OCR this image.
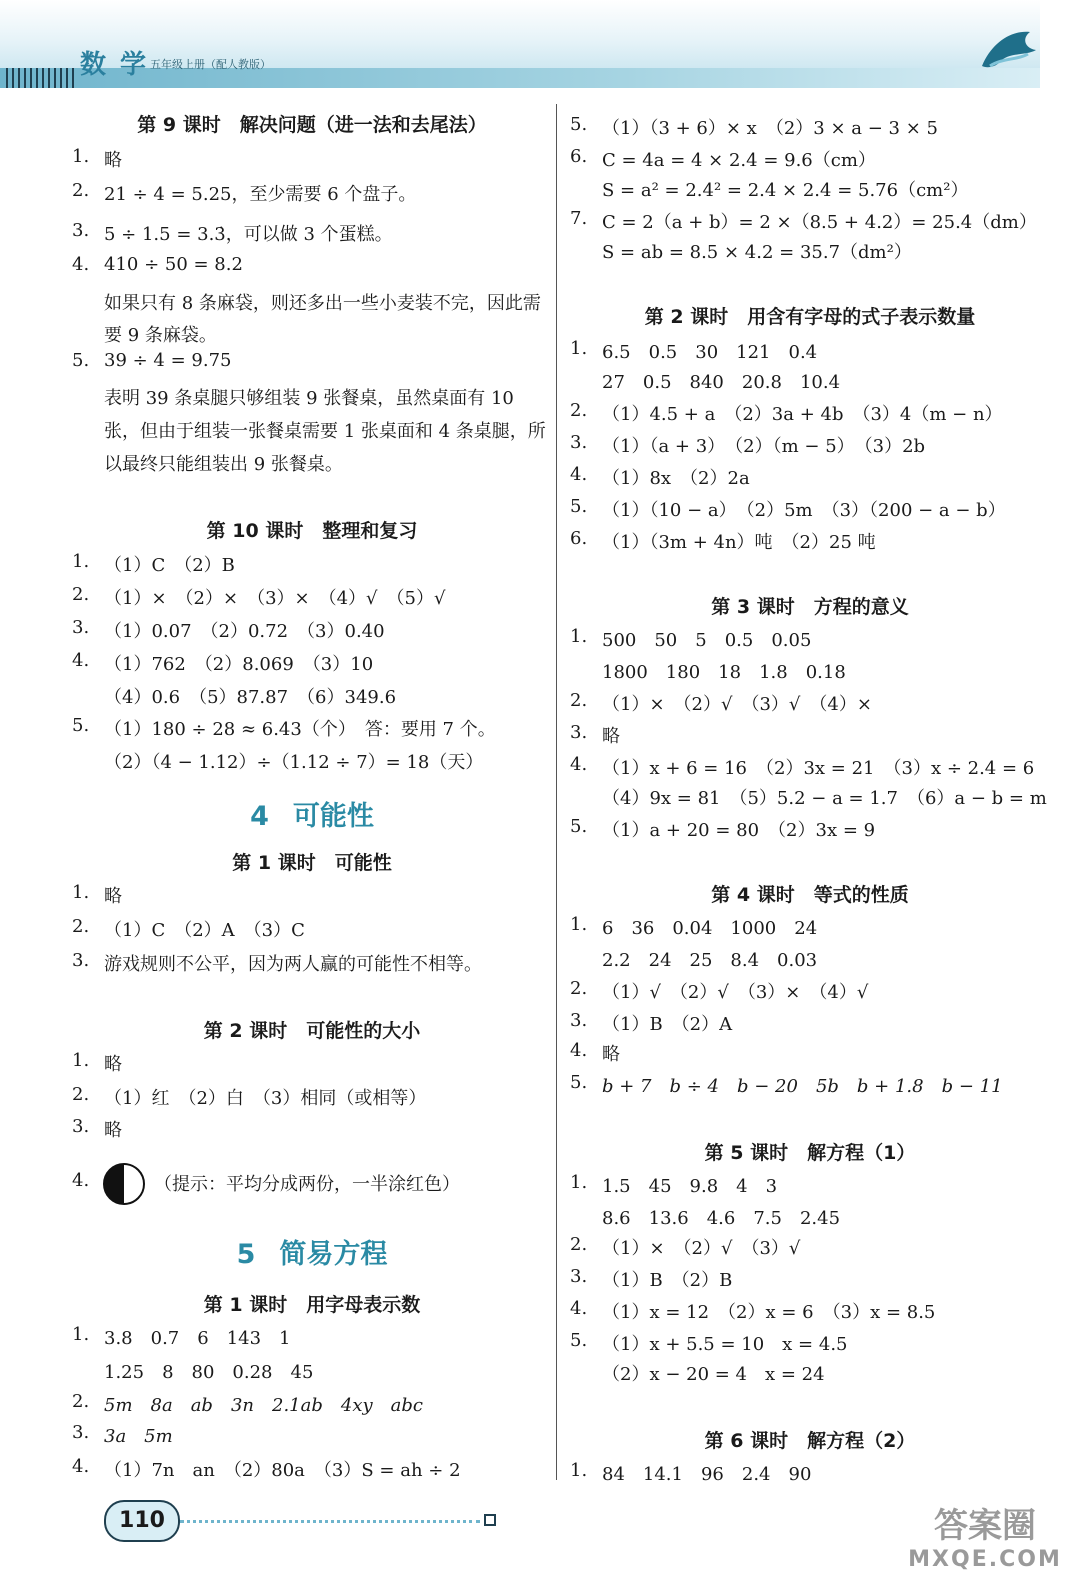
数学
五年级上册（配人教版）
第 9 课时　解决问题（进一法和去尾法）
1. 略
2. 21 ÷ 4 = 5.25，至少需要 6 个盘子。
3. 5 ÷ 1.5 = 3.3̇，可以做 3 个蛋糕。
4. 410 ÷ 50 = 8.2
如果只有 8 条麻袋，则还多出一些小麦装不完，因此需要 9 条麻袋。
5. 39 ÷ 4 = 9.75
表明 39 条桌腿只够组装 9 张餐桌，虽然桌面有 10 张，但由于组装一张餐桌需要 1 张桌面和 4 条桌腿，所以最终只能组装出 9 张餐桌。
第 10 课时　整理和复习
1. （1）C　（2）B
2. （1）×　（2）×　（3）×　（4）√　（5）√
3. （1）0.07　（2）0.72　（3）0.40
4. （1）762　（2）8.069　（3）10
（4）0.6　（5）87.87　（6）349.6
5. （1）180 ÷ 28 ≈ 6.43（个）　答：要用 7 个。
（2）（4 − 1.12）÷（1.12 ÷ 7）= 18（天）
4 可能性
第 1 课时　可能性
1. 略
2. （1）C　（2）A　（3）C
3. 游戏规则不公平，因为两人赢的可能性不相等。
第 2 课时　可能性的大小
1. 略
2. （1）红　（2）白　（3）相同（或相等）
3. 略
4.	（提示：平均分成两份，一半涂红色）
5 简易方程
第 1 课时　用字母表示数
1. 3.8　0.7　6　143　1
1.25　8　80　0.28　45
2. 5m　8a　ab　3n　2.1ab　4xy　abc
3. 3a　5m
4. （1）7n　an　（2）80a　（3）S = ah ÷ 2
5. （1）（3 + 6）× x　（2）3 × a − 3 × 5
6. C = 4a = 4 × 2.4 = 9.6（cm）
S = a² = 2.4² = 2.4 × 2.4 = 5.76（cm²）
7. C = 2（a + b）= 2 ×（8.5 + 4.2）= 25.4（dm）
S = ab = 8.5 × 4.2 = 35.7（dm²）
第 2 课时　用含有字母的式子表示数量
1. 6.5　0.5　30　121　0.4
27　0.5　840　20.8　10.4
2. （1）4.5 + a　（2）3a + 4b　（3）4（m − n）
3. （1）（a + 3）　（2）（m − 5）　（3）2b
4. （1）8x　（2）2a
5. （1）（10 − a）　（2）5m　（3）（200 − a − b）
6. （1）（3m + 4n）吨　（2）25 吨
第 3 课时　方程的意义
1. 500　50　5　0.5　0.05
1800　180　18　1.8　0.18
2. （1）×　（2）√　（3）√　（4）×
3. 略
4. （1）x + 6 = 16　（2）3x = 21　（3）x ÷ 2.4 = 6
（4）9x = 81　（5）5.2 − a = 1.7　（6）a − b = m
5. （1）a + 20 = 80　（2）3x = 9
第 4 课时　等式的性质
1. 6　36　0.04　1000　24
2.2　24　25　8.4　0.03
2. （1）√　（2）√　（3）×　（4）√
3. （1）B　（2）A
4. 略
5. b + 7　b ÷ 4　b − 20　5b　b + 1.8　b − 11
第 5 课时　解方程（1）
1. 1.5　45　9.8　4　3
8.6　13.6　4.6　7.5　2.45
2. （1）×　（2）√　（3）√
3. （1）B　（2）B
4. （1）x = 12　（2）x = 6　（3）x = 8.5
5. （1）x + 5.5 = 10　x = 4.5
（2）x − 20 = 4　x = 24
第 6 课时　解方程（2）
1. 84　14.1　96　2.4　90
110	答案圈
MXQE.COM
